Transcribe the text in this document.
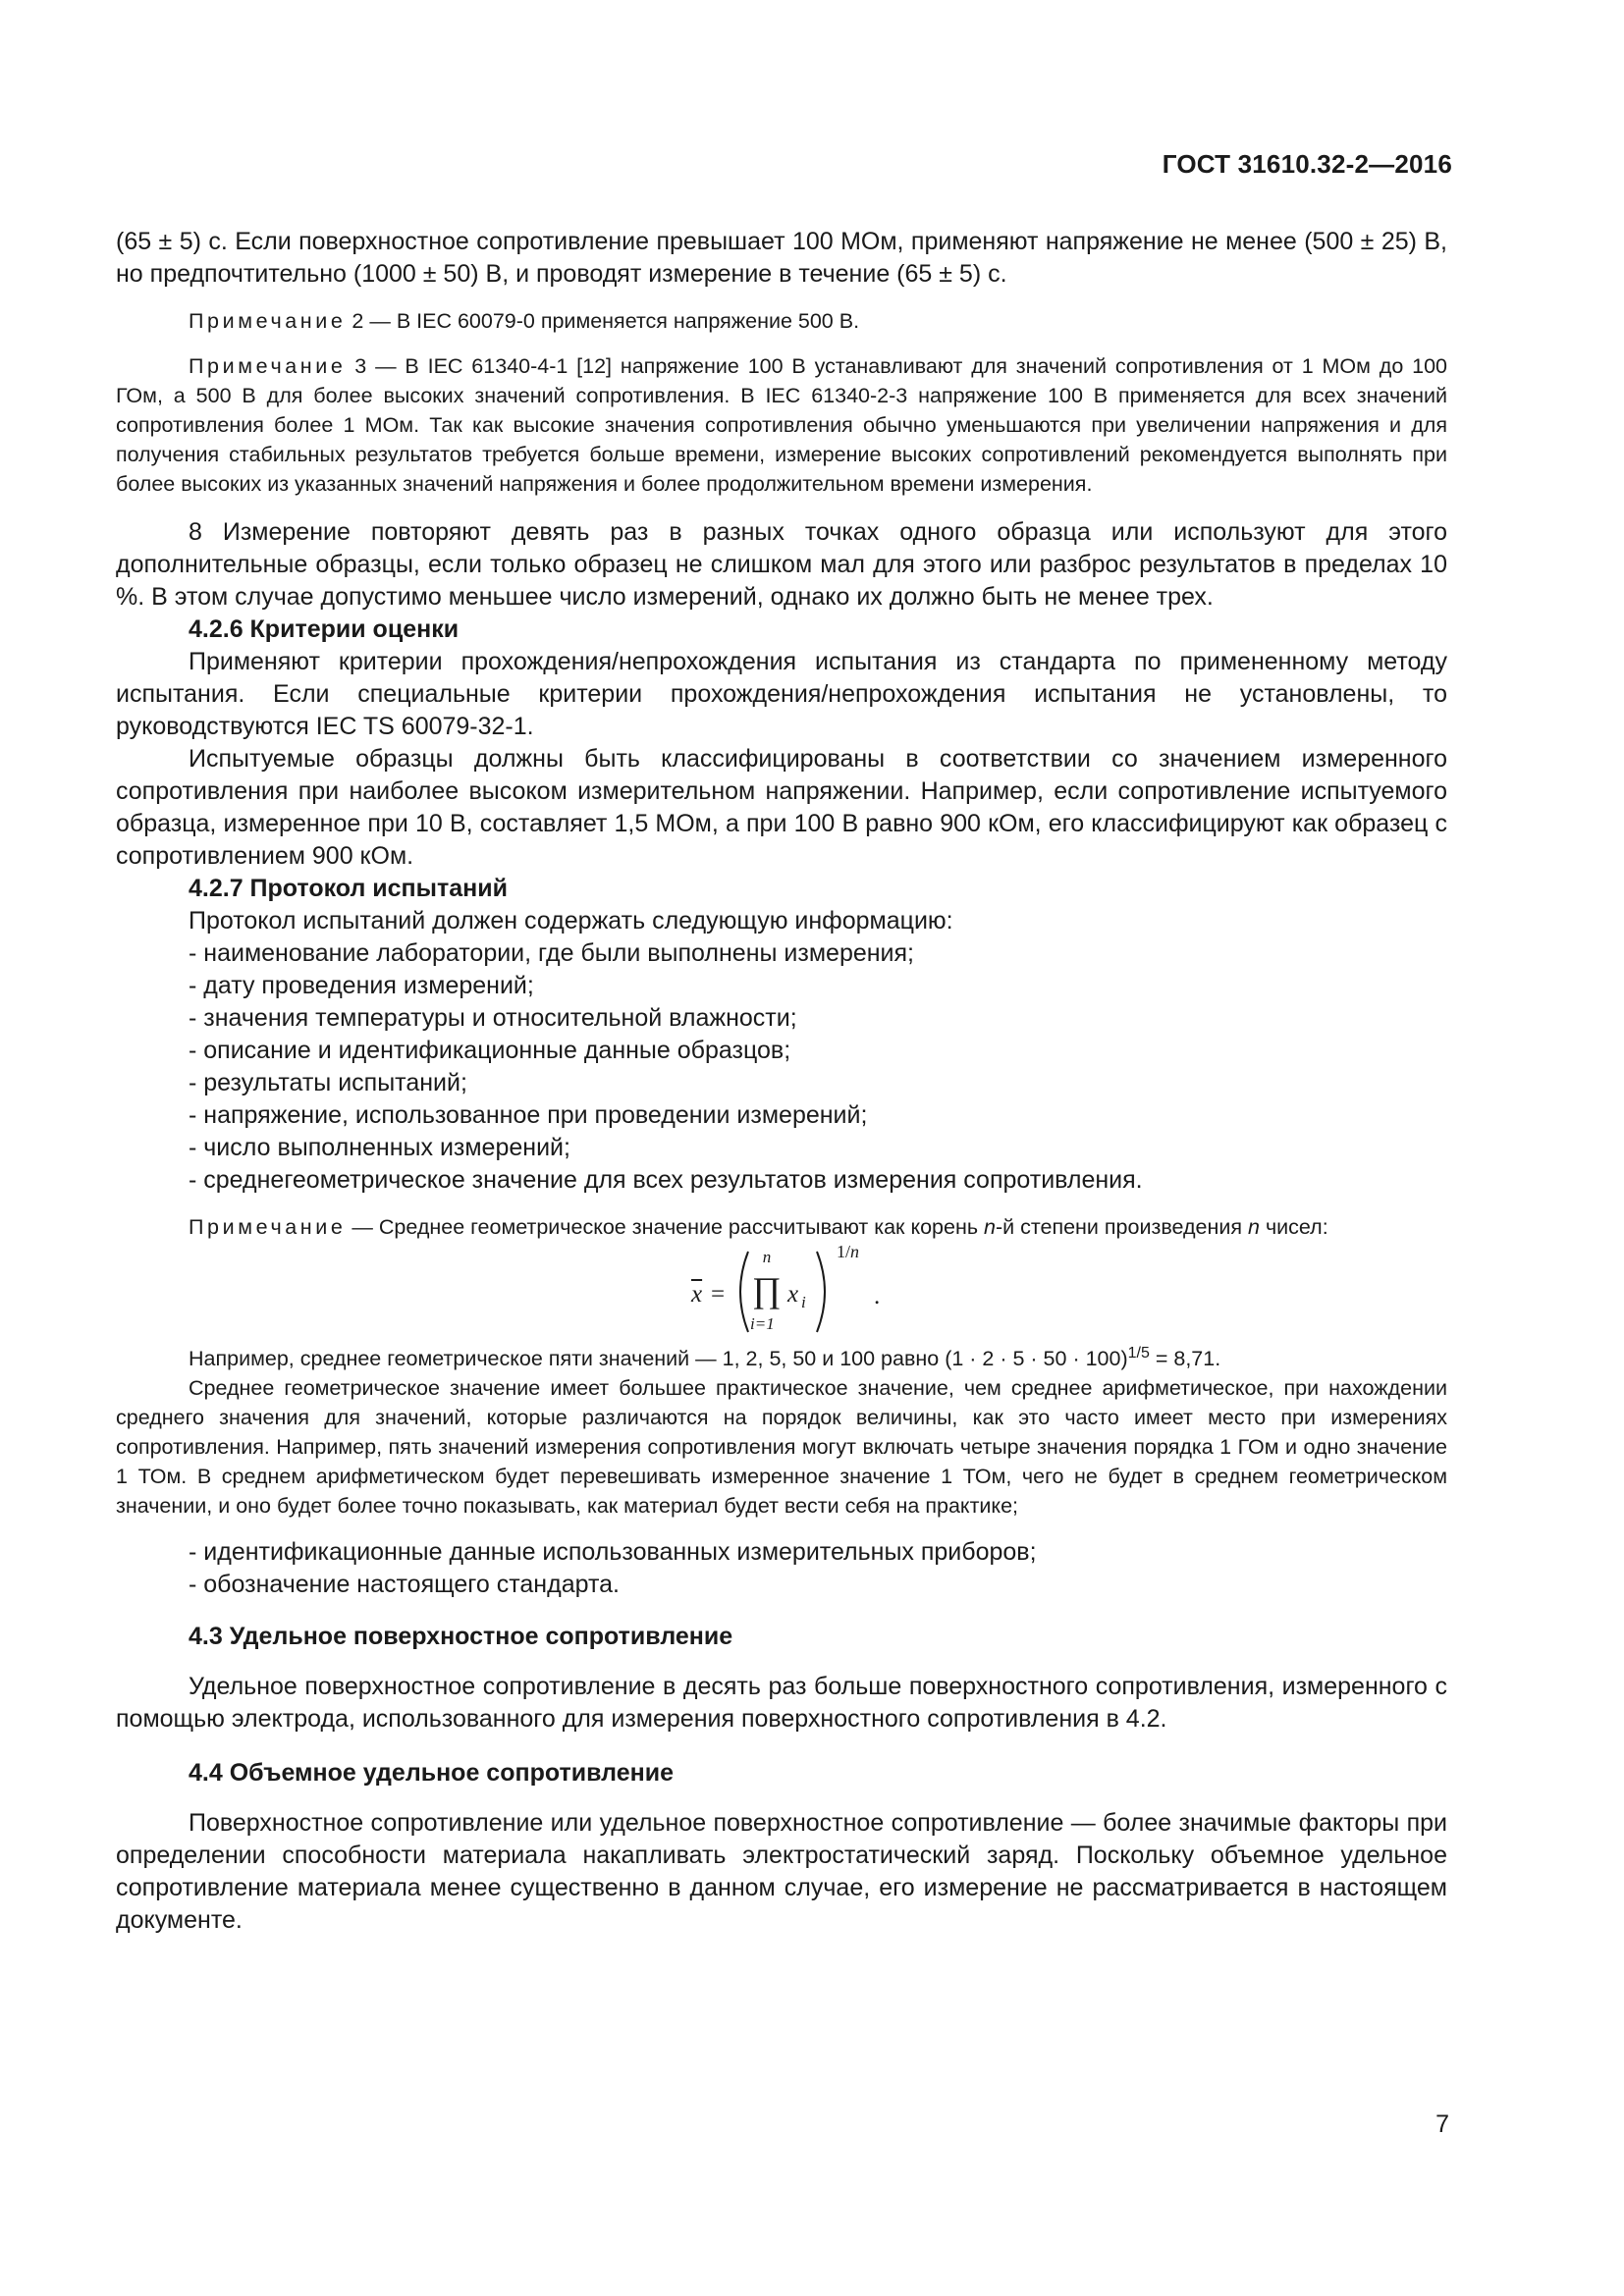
ГОСТ 31610.32-2—2016

(65 ± 5) с. Если поверхностное сопротивление превышает 100 МОм, применяют напряжение не менее (500 ± 25) В, но предпочтительно (1000 ± 50) В, и проводят измерение в течение (65 ± 5) с.

Примечание 2 — В IEC 60079-0 применяется напряжение 500 В.

Примечание 3 — В IEC 61340-4-1 [12] напряжение 100 В устанавливают для значений сопротивления от 1 МОм до 100 ГОм, а 500 В для более высоких значений сопротивления. В IEC 61340-2-3 напряжение 100 В применяется для всех значений сопротивления более 1 МОм. Так как высокие значения сопротивления обычно уменьшаются при увеличении напряжения и для получения стабильных результатов требуется больше времени, измерение высоких сопротивлений рекомендуется выполнять при более высоких из указанных значений напряжения и более продолжительном времени измерения.

8 Измерение повторяют девять раз в разных точках одного образца или используют для этого дополнительные образцы, если только образец не слишком мал для этого или разброс результатов в пределах 10 %. В этом случае допустимо меньшее число измерений, однако их должно быть не менее трех.

4.2.6 Критерии оценки

Применяют критерии прохождения/непрохождения испытания из стандарта по примененному методу испытания. Если специальные критерии прохождения/непрохождения испытания не установлены, то руководствуются IEC TS 60079-32-1.

Испытуемые образцы должны быть классифицированы в соответствии со значением измеренного сопротивления при наиболее высоком измерительном напряжении. Например, если сопротивление испытуемого образца, измеренное при 10 В, составляет 1,5 МОм, а при 100 В равно 900 кОм, его классифицируют как образец с сопротивлением 900 кОм.

4.2.7 Протокол испытаний

Протокол испытаний должен содержать следующую информацию:

- наименование лаборатории, где были выполнены измерения;

- дату проведения измерений;

- значения температуры и относительной влажности;

- описание и идентификационные данные образцов;

- результаты испытаний;

- напряжение, использованное при проведении измерений;

- число выполненных измерений;

- среднегеометрическое значение для всех результатов измерения сопротивления.

Примечание — Среднее геометрическое значение рассчитывают как корень n-й степени произведения n чисел:

$\overline{x}$ =
n
∏
i=1
x i
1/n
.

Например, среднее геометрическое пяти значений — 1, 2, 5, 50 и 100 равно $(1 \cdot 2 \cdot 5 \cdot 50 \cdot 100)^{1/5} = 8,71$.

Среднее геометрическое значение имеет большее практическое значение, чем среднее арифметическое, при нахождении среднего значения для значений, которые различаются на порядок величины, как это часто имеет место при измерениях сопротивления. Например, пять значений измерения сопротивления могут включать четыре значения порядка 1 ГОм и одно значение 1 ТОм. В среднем арифметическом будет перевешивать измеренное значение 1 ТОм, чего не будет в среднем геометрическом значении, и оно будет более точно показывать, как материал будет вести себя на практике;

- идентификационные данные использованных измерительных приборов;

- обозначение настоящего стандарта.

4.3 Удельное поверхностное сопротивление

Удельное поверхностное сопротивление в десять раз больше поверхностного сопротивления, измеренного с помощью электрода, использованного для измерения поверхностного сопротивления в 4.2.

4.4 Объемное удельное сопротивление

Поверхностное сопротивление или удельное поверхностное сопротивление — более значимые факторы при определении способности материала накапливать электростатический заряд. Поскольку объемное удельное сопротивление материала менее существенно в данном случае, его измерение не рассматривается в настоящем документе.

7
